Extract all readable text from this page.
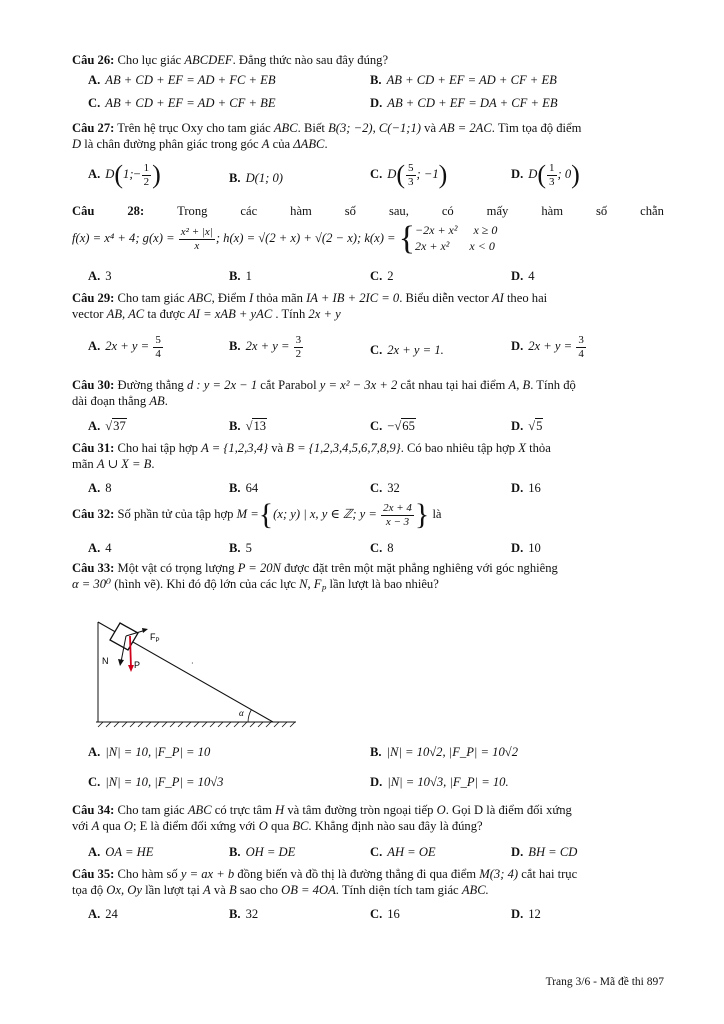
Câu 26: Cho lục giác ABCDEF. Đẳng thức nào sau đây đúng?
A. AB + CD + EF = AD + FC + EB	B. AB + CD + EF = AD + CF + EB
C. AB + CD + EF = AD + CF + BE	D. AB + CD + EF = DA + CF + EB
Câu 27: Trên hệ trục Oxy cho tam giác ABC. Biết B(3; −2), C(−1;1) và AB = 2AC. Tìm tọa độ điểm
D là chân đường phân giác trong góc A của ΔABC.
A. D(1;− $\frac{1}{2}$ )	B. D(1; 0)	C. $D( \frac{5}{3}$ ; −1)	D. $D( \frac{1}{3}$ ; 0)
Câu	28:	Trong	các	hàm	số	sau,	có	mấy	hàm	số	chẵn
f(x) = x⁴ + 4; $g(x) = \frac{\text{x² + |x|}}{x}$ ; h(x) = √(2 + x) + √(2 − x); k(x) = { −2x + x² x ≥ 0
2x + x² x < 0
A. 3	B. 1	C. 2	D. 4
Câu 29: Cho tam giác ABC, Điểm I thỏa mãn IA + IB + 2IC = 0. Biểu diễn vector AI theo hai
vector AB, AC ta được AI = xAB + yAC . Tính 2x + y
A. $2x + y = \frac{5}{4}$	B. $2x + y = \frac{3}{2}$	C. 2x + y = 1.	D. $2x + y = \frac{3}{4}$
Câu 30: Đường thẳng d : y = 2x − 1 cắt Parabol y = x² − 3x + 2 cắt nhau tại hai điểm A, B. Tính độ
dài đoạn thẳng AB.
A. √37	B. √13	C. −√65	D. √5
Câu 31: Cho hai tập hợp A = {1,2,3,4} và B = {1,2,3,4,5,6,7,8,9}. Có bao nhiêu tập hợp X thỏa
mãn A ∪ X = B.
A. 8	B. 64	C. 32	D. 16
Câu 32: Số phần tử của tập hợp M ={(x; y) | x, y ∈ ℤ; $y = \frac{2x + 4}{x - 3}$ } là
A. 4	B. 5	C. 8	D. 10
Câu 33: Một vật có trọng lượng P = 20N được đặt trên một mặt phẳng nghiêng với góc nghiêng
α = 30⁰ (hình vẽ). Khi đó độ lớn của các lực N, $F_P$ lần lượt là bao nhiêu?
α
·
$F_P$
N	P
A. |N| = 10, |F_P| = 10	B. |N| = 10√2, |F_P| = 10√2
C. |N| = 10, |F_P| = 10√3	D. |N| = 10√3, |F_P| = 10.
Câu 34: Cho tam giác ABC có trực tâm H và tâm đường tròn ngoại tiếp O. Gọi D là điểm đối xứng
với A qua O; E là điểm đối xứng với O qua BC. Khẳng định nào sau đây là đúng?
A. OA = HE	B. OH = DE	C. AH = OE	D. BH = CD
Câu 35: Cho hàm số y = ax + b đồng biến và đồ thị là đường thẳng đi qua điểm M(3; 4) cắt hai trục
tọa độ Ox, Oy lần lượt tại A và B sao cho OB = 4OA. Tính diện tích tam giác ABC.
A. 24	B. 32	C. 16	D. 12
Trang 3/6 - Mã đề thi 897
